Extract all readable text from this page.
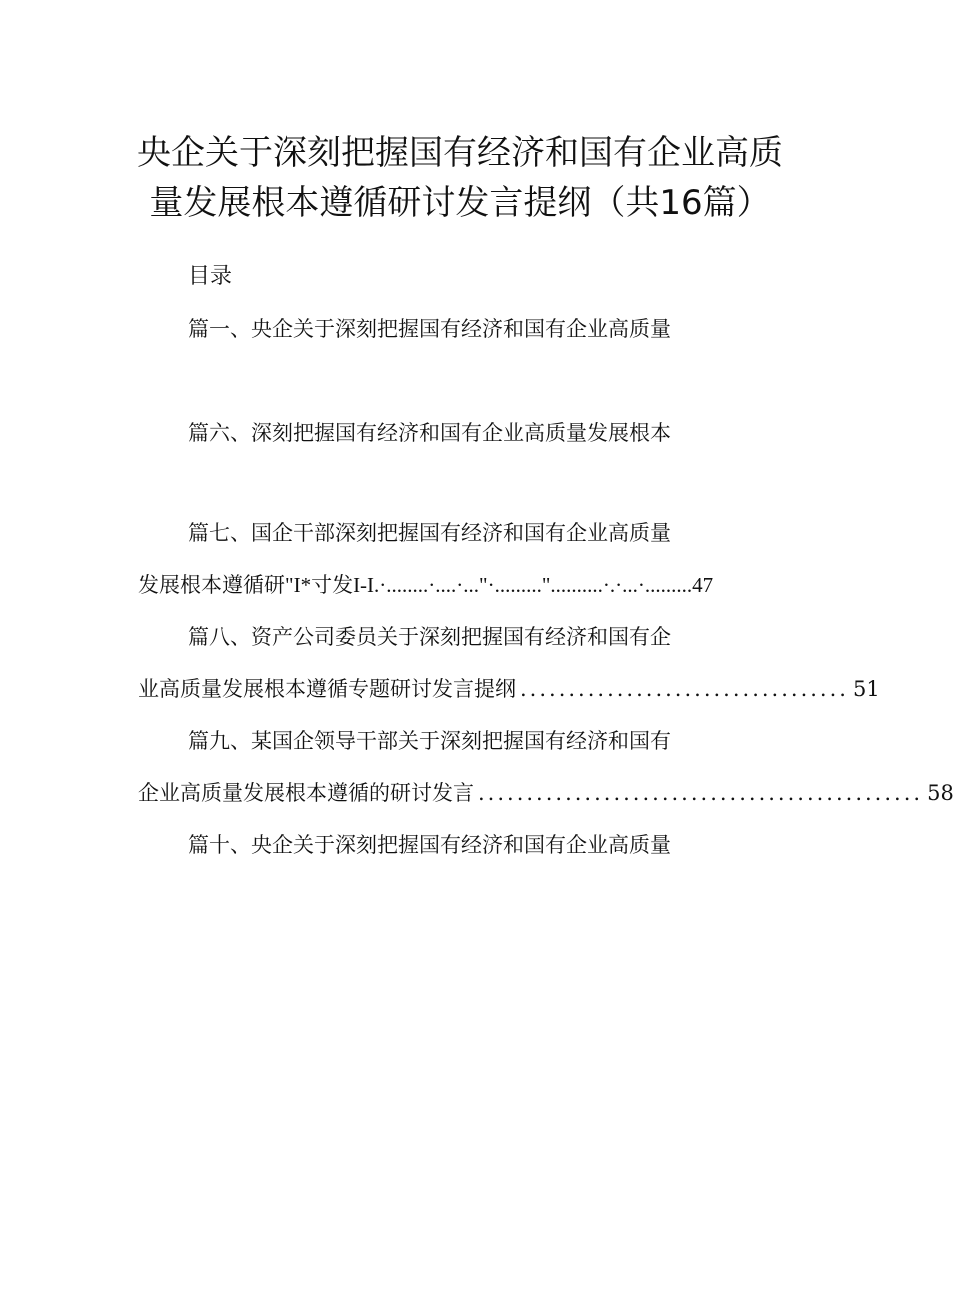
央企关于深刻把握国有经济和国有企业高质
量发展根本遵循研讨发言提纲（共16篇）

目录

篇一、央企关于深刻把握国有经济和国有企业高质量

篇六、深刻把握国有经济和国有企业高质量发展根本

篇七、国企干部深刻把握国有经济和国有企业高质量

发展根本遵循研"I*寸发I-I.·........·....·..."·........."..........·.·...·.........47

篇八、资产公司委员关于深刻把握国有经济和国有企

业高质量发展根本遵循专题研讨发言提纲 .................................. 51

篇九、某国企领导干部关于深刻把握国有经济和国有

企业高质量发展根本遵循的研讨发言 .............................................. 58

篇十、央企关于深刻把握国有经济和国有企业高质量
